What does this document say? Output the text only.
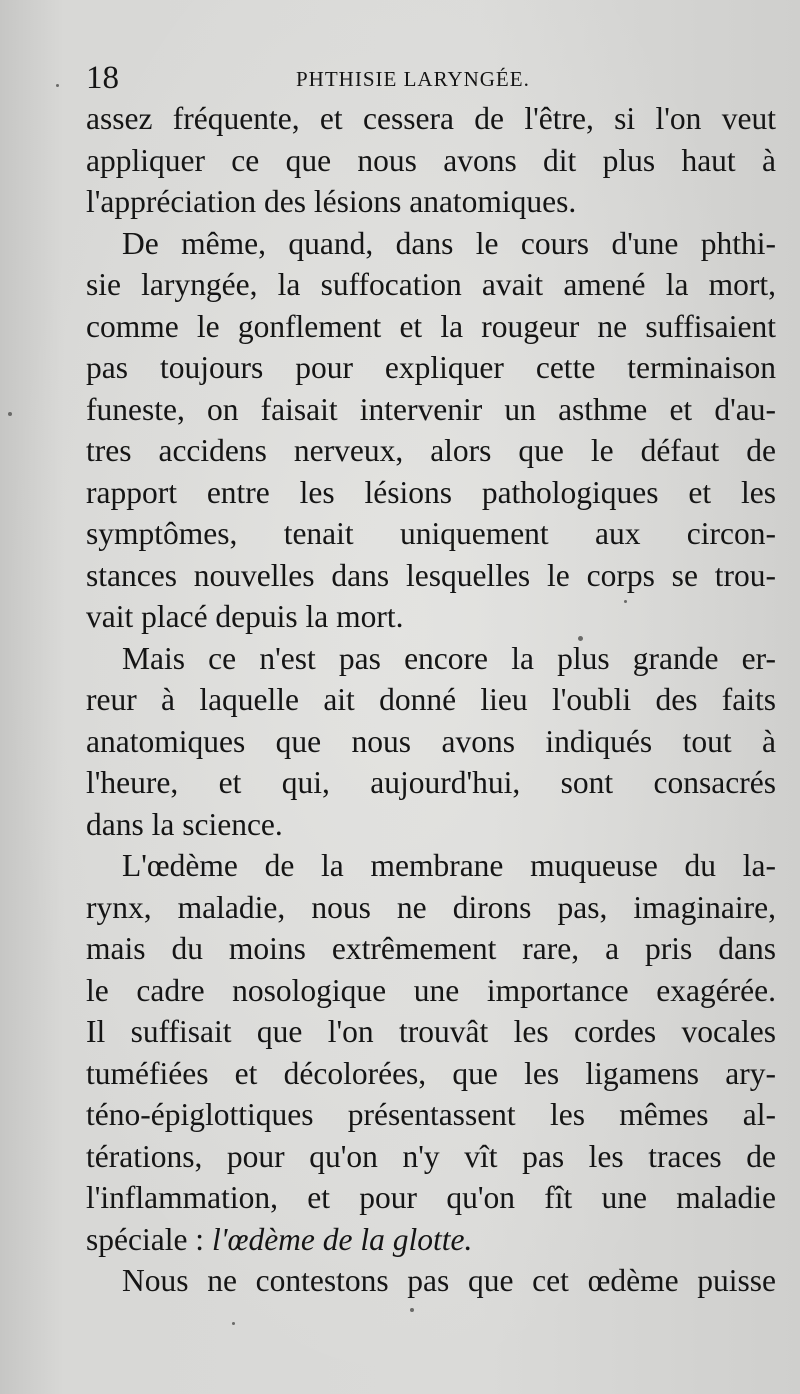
18	PHTHISIE LARYNGÉE.
assez fréquente, et cessera de l'être, si l'on veut
appliquer ce que nous avons dit plus haut à
l'appréciation des lésions anatomiques.
De même, quand, dans le cours d'une phthi-
sie laryngée, la suffocation avait amené la mort,
comme le gonflement et la rougeur ne suffisaient
pas toujours pour expliquer cette terminaison
funeste, on faisait intervenir un asthme et d'au-
tres accidens nerveux, alors que le défaut de
rapport entre les lésions pathologiques et les
symptômes, tenait uniquement aux circon-
stances nouvelles dans lesquelles le corps se trou-
vait placé depuis la mort.
Mais ce n'est pas encore la plus grande er-
reur à laquelle ait donné lieu l'oubli des faits
anatomiques que nous avons indiqués tout à
l'heure, et qui, aujourd'hui, sont consacrés
dans la science.
L'œdème de la membrane muqueuse du la-
rynx, maladie, nous ne dirons pas, imaginaire,
mais du moins extrêmement rare, a pris dans
le cadre nosologique une importance exagérée.
Il suffisait que l'on trouvât les cordes vocales
tuméfiées et décolorées, que les ligamens ary-
téno-épiglottiques présentassent les mêmes al-
térations, pour qu'on n'y vît pas les traces de
l'inflammation, et pour qu'on fît une maladie
spéciale : l'œdème de la glotte.
Nous ne contestons pas que cet œdème puisse
